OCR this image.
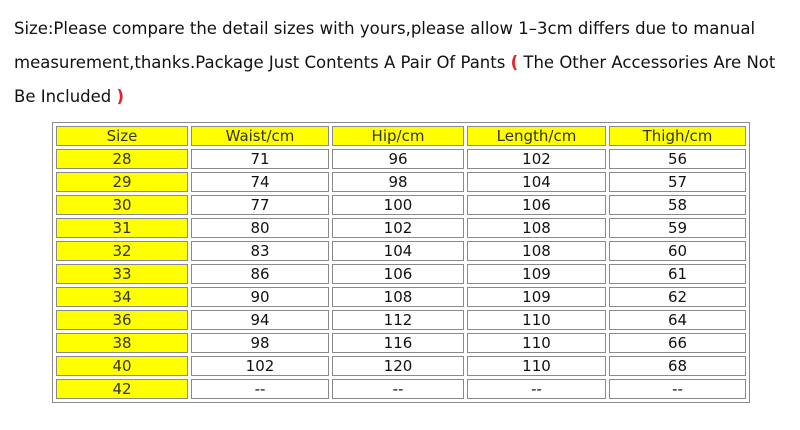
Size:Please compare the detail sizes with yours,please allow 1–3cm differs due to manual measurement,thanks.Package Just Contents A Pair Of Pants ( The Other Accessories Are Not Be Included )
Size	Waist/cm	Hip/cm	Length/cm	Thigh/cm
28	71	96	102	56
29	74	98	104	57
30	77	100	106	58
31	80	102	108	59
32	83	104	108	60
33	86	106	109	61
34	90	108	109	62
36	94	112	110	64
38	98	116	110	66
40	102	120	110	68
42	--	--	--	--
